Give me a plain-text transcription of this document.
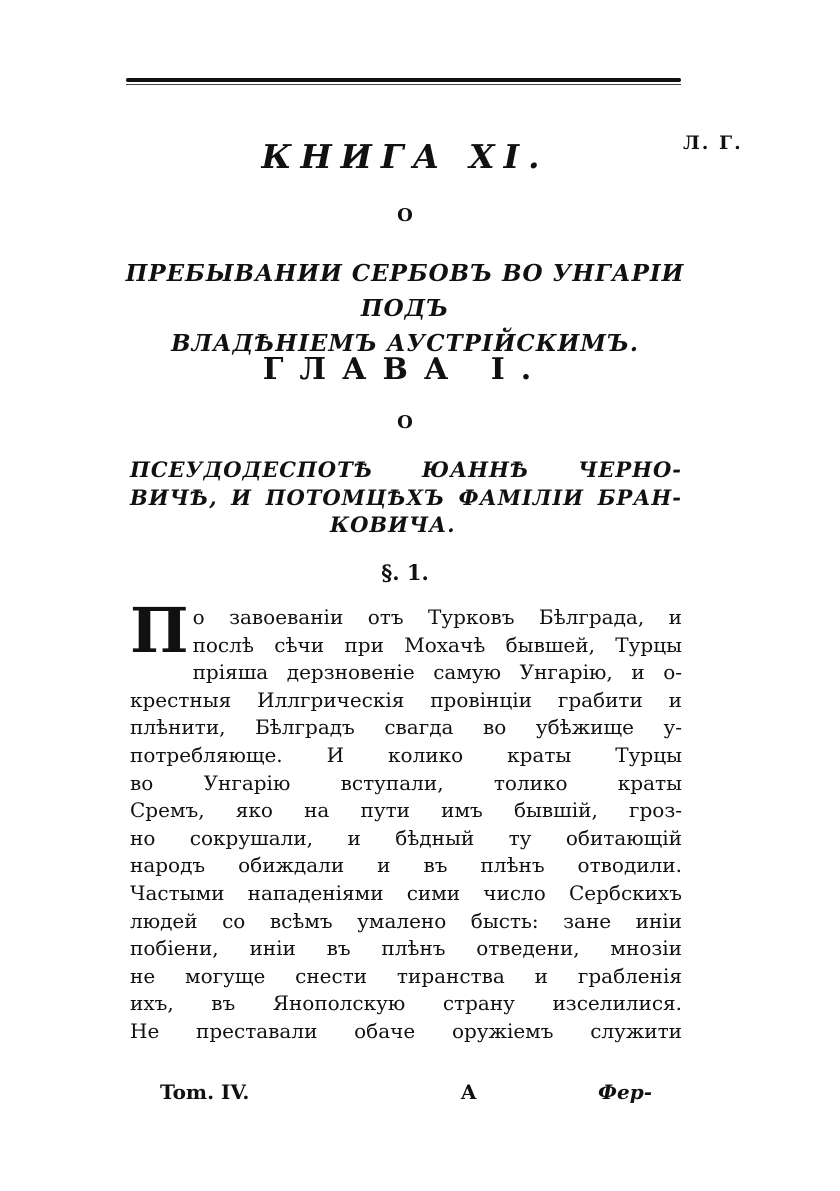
Л. Г.
КНИГА XI.
О
ПРЕБЫВАНИИ СЕРБОВЪ ВО УНГАРІИ ПОДЪ
ВЛАДѢНІЕМЪ АУСТРІЙСКИМЪ.
ГЛАВА I.
О
ПСЕУДОДЕСПОТѢ ЮАННѢ ЧЕРНО-
ВИЧѢ, И ПОТОМЦѢХЪ ФАМІЛІИ БРАН-
КОВИЧА.
§. 1.
П о завоеваніи отъ Турковъ Бѣлграда, и
послѣ сѣчи при Мохачѣ бывшей, Турцы
пріяша дерзновеніе самую Унгарію, и о-
крестныя Иллгрическія провінціи грабити и
плѣнити, Бѣлградъ свагда во убѣжище у-
потребляюще. И колико краты Турцы
во Унгарію вступали, толико краты
Сремъ, яко на пути имъ бывшій, гроз-
но сокрушали, и бѣдный ту обитающій
народъ обиждали и въ плѣнъ отводили.
Частыми нападеніями сими число Сербскихъ
людей со всѣмъ умалено бысть: зане иніи
побіени, иніи въ плѣнъ отведени, мнозіи
не могуще снести тиранства и грабленія
ихъ, въ Янополскую страну изселилися.
Не преставали обаче оружіемъ служити
Tom. IV.	A	Фер-
